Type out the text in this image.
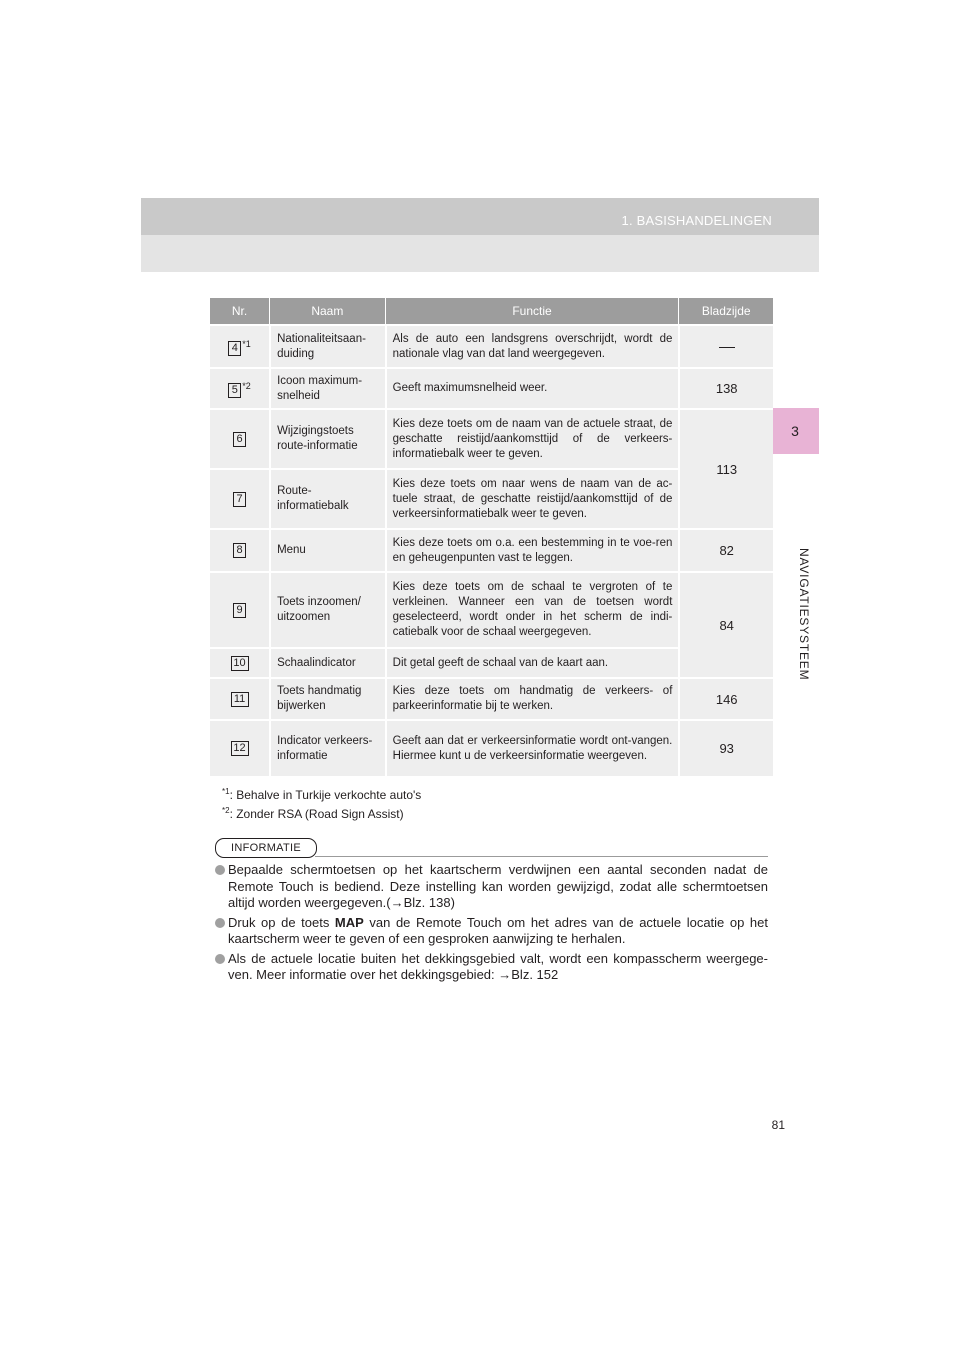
1. BASISHANDELINGEN
3
NAVIGATIESYSTEEM
Nr.	Naam	Functie	Bladzijde
4 $^{*1}$	Nationaliteitsaan-duiding	Als de auto een landsgrens overschrijdt, wordt de nationale vlag van dat land weergegeven.	
5 $^{*2}$	Icoon maximum-snelheid	Geeft maximumsnelheid weer.	138
6	Wijzigingstoets route-informatie	Kies deze toets om de naam van de actuele straat, de geschatte reistijd/aankomsttijd of de verkeers-informatiebalk weer te geven.	113
7	Route-informatiebalk	Kies deze toets om naar wens de naam van de ac-tuele straat, de geschatte reistijd/aankomsttijd of de verkeersinformatiebalk weer te geven.	
8	Menu	Kies deze toets om o.a. een bestemming in te voe-ren en geheugenpunten vast te leggen.	82
9	Toets inzoomen/ uitzoomen	Kies deze toets om de schaal te vergroten of te verkleinen. Wanneer een van de toetsen wordt geselecteerd, wordt onder in het scherm de indi-catiebalk voor de schaal weergegeven.	84
10	Schaalindicator	Dit getal geeft de schaal van de kaart aan.	
11	Toets handmatig bijwerken	Kies deze toets om handmatig de verkeers- of parkeerinformatie bij te werken.	146
12	Indicator verkeers-informatie	Geeft aan dat er verkeersinformatie wordt ont-vangen. Hiermee kunt u de verkeersinformatie weergeven.	93
$^{*1}$: Behalve in Turkije verkochte auto's
$^{*2}$: Zonder RSA (Road Sign Assist)
INFORMATIE
Bepaalde schermtoetsen op het kaartscherm verdwijnen een aantal seconden nadat de Remote Touch is bediend. Deze instelling kan worden gewijzigd, zodat alle schermtoetsen altijd worden weergegeven.(→Blz. 138)
Druk op de toets MAP van de Remote Touch om het adres van de actuele locatie op het kaartscherm weer te geven of een gesproken aanwijzing te herhalen.
Als de actuele locatie buiten het dekkingsgebied valt, wordt een kompasscherm weergege-ven. Meer informatie over het dekkingsgebied: →Blz. 152
81
